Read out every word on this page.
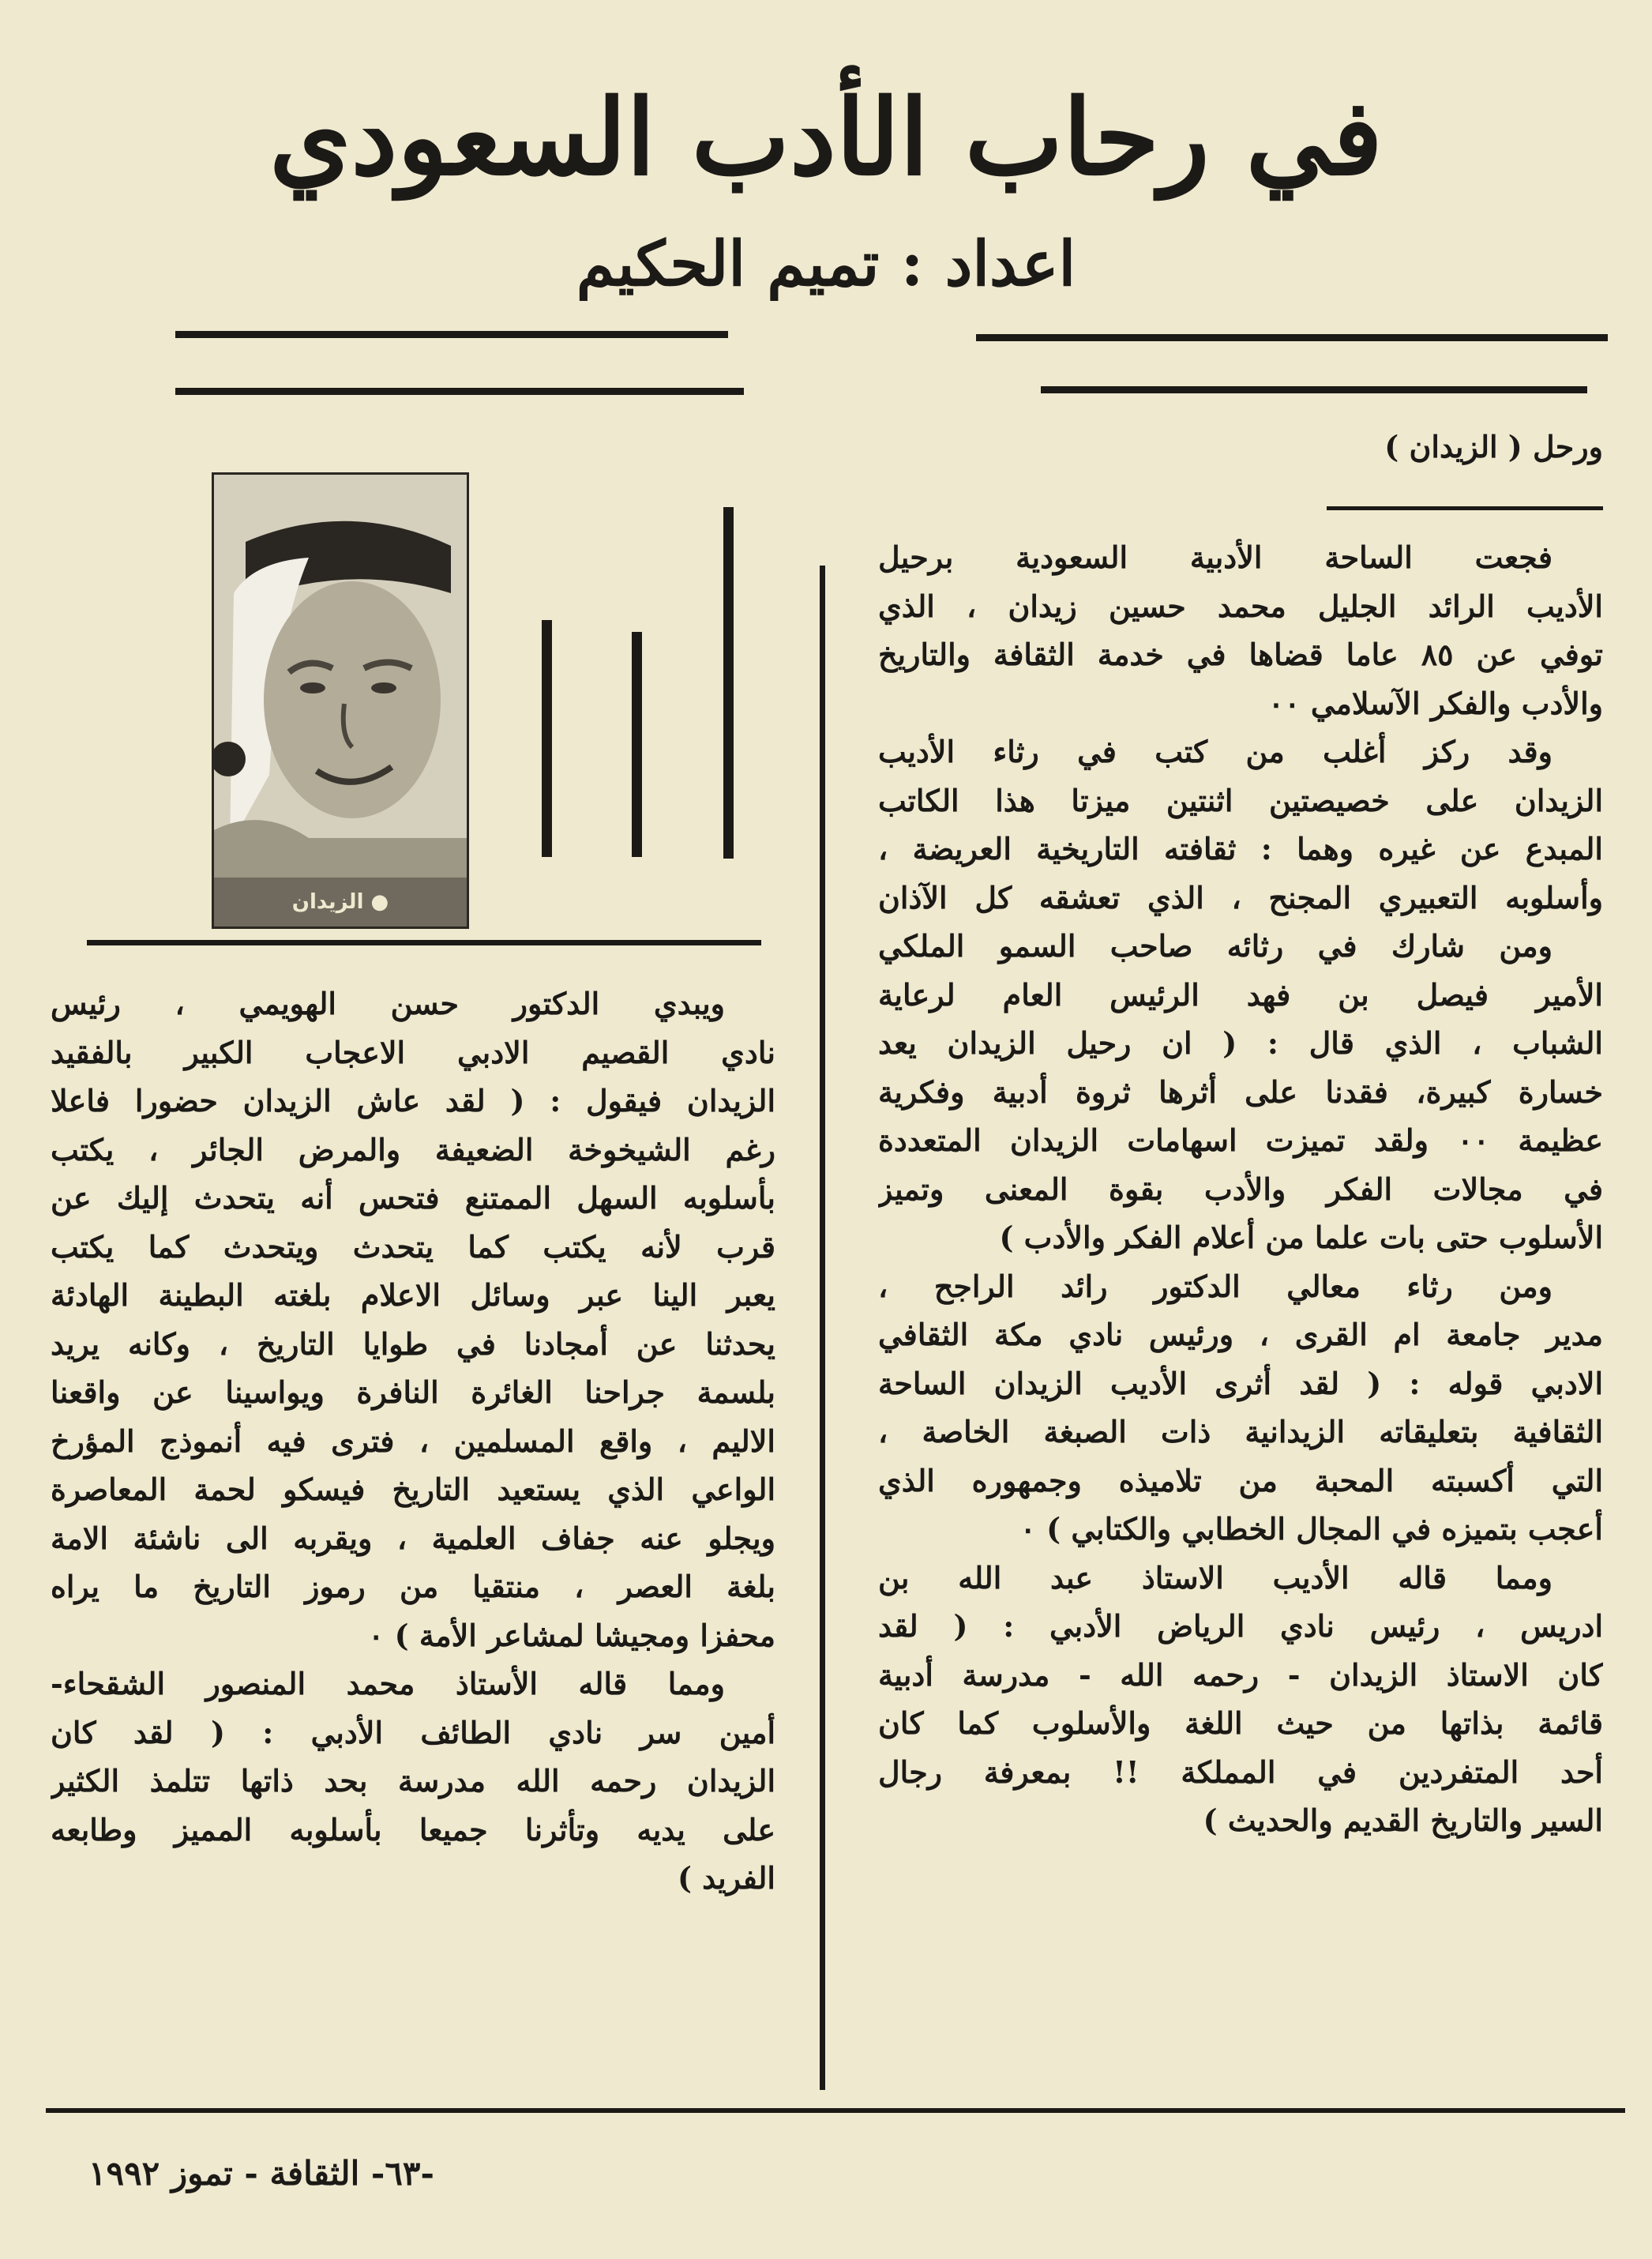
في رحاب الأدب السعودي
اعداد : تميم الحكيم
ورحل ( الزيدان )
● الزيدان
فجعت الساحة الأدبية السعودية برحيل
الأديب الرائد الجليل محمد حسين زيدان ، الذي
توفي عن ٨٥ عاما قضاها في خدمة الثقافة والتاريخ
والأدب والفكر الآسلامي ٠٠
وقد ركز أغلب من كتب في رثاء الأديب
الزيدان على خصيصتين اثنتين ميزتا هذا الكاتب
المبدع عن غيره وهما : ثقافته التاريخية العريضة ،
وأسلوبه التعبيري المجنح ، الذي تعشقه كل الآذان
ومن شارك في رثائه صاحب السمو الملكي
الأمير فيصل بن فهد الرئيس العام لرعاية
الشباب ، الذي قال : ( ان رحيل الزيدان يعد
خسارة كبيرة، فقدنا على أثرها ثروة أدبية وفكرية
عظيمة ٠٠ ولقد تميزت اسهامات الزيدان المتعددة
في مجالات الفكر والأدب بقوة المعنى وتميز
الأسلوب حتى بات علما من أعلام الفكر والأدب )
ومن رثاء معالي الدكتور رائد الراجح ،
مدير جامعة ام القرى ، ورئيس نادي مكة الثقافي
الادبي قوله : ( لقد أثرى الأديب الزيدان الساحة
الثقافية بتعليقاته الزيدانية ذات الصبغة الخاصة ،
التي أكسبته المحبة من تلاميذه وجمهوره الذي
أعجب بتميزه في المجال الخطابي والكتابي ) ٠
ومما قاله الأديب الاستاذ عبد الله بن
ادريس ، رئيس نادي الرياض الأدبي : ( لقد
كان الاستاذ الزيدان - رحمه الله - مدرسة أدبية
قائمة بذاتها من حيث اللغة والأسلوب كما كان
أحد المتفردين في المملكة !! بمعرفة رجال
السير والتاريخ القديم والحديث )
ويبدي الدكتور حسن الهويمي ، رئيس
نادي القصيم الادبي الاعجاب الكبير بالفقيد
الزيدان فيقول : ( لقد عاش الزيدان حضورا فاعلا
رغم الشيخوخة الضعيفة والمرض الجائر ، يكتب
بأسلوبه السهل الممتنع فتحس أنه يتحدث إليك عن
قرب لأنه يكتب كما يتحدث ويتحدث كما يكتب
يعبر الينا عبر وسائل الاعلام بلغته البطينة الهادئة
يحدثنا عن أمجادنا في طوايا التاريخ ، وكانه يريد
بلسمة جراحنا الغائرة النافرة ويواسينا عن واقعنا
الاليم ، واقع المسلمين ، فترى فيه أنموذج المؤرخ
الواعي الذي يستعيد التاريخ فيسكو لحمة المعاصرة
ويجلو عنه جفاف العلمية ، ويقربه الى ناشئة الامة
بلغة العصر ، منتقيا من رموز التاريخ ما يراه
محفزا ومجيشا لمشاعر الأمة ) ٠
ومما قاله الأستاذ محمد المنصور الشقحاء-
أمين سر نادي الطائف الأدبي : ( لقد كان
الزيدان رحمه الله مدرسة بحد ذاتها تتلمذ الكثير
على يديه وتأثرنا جميعا بأسلوبه المميز وطابعه
الفريد )
-٦٣- الثقافة - تموز ١٩٩٢
